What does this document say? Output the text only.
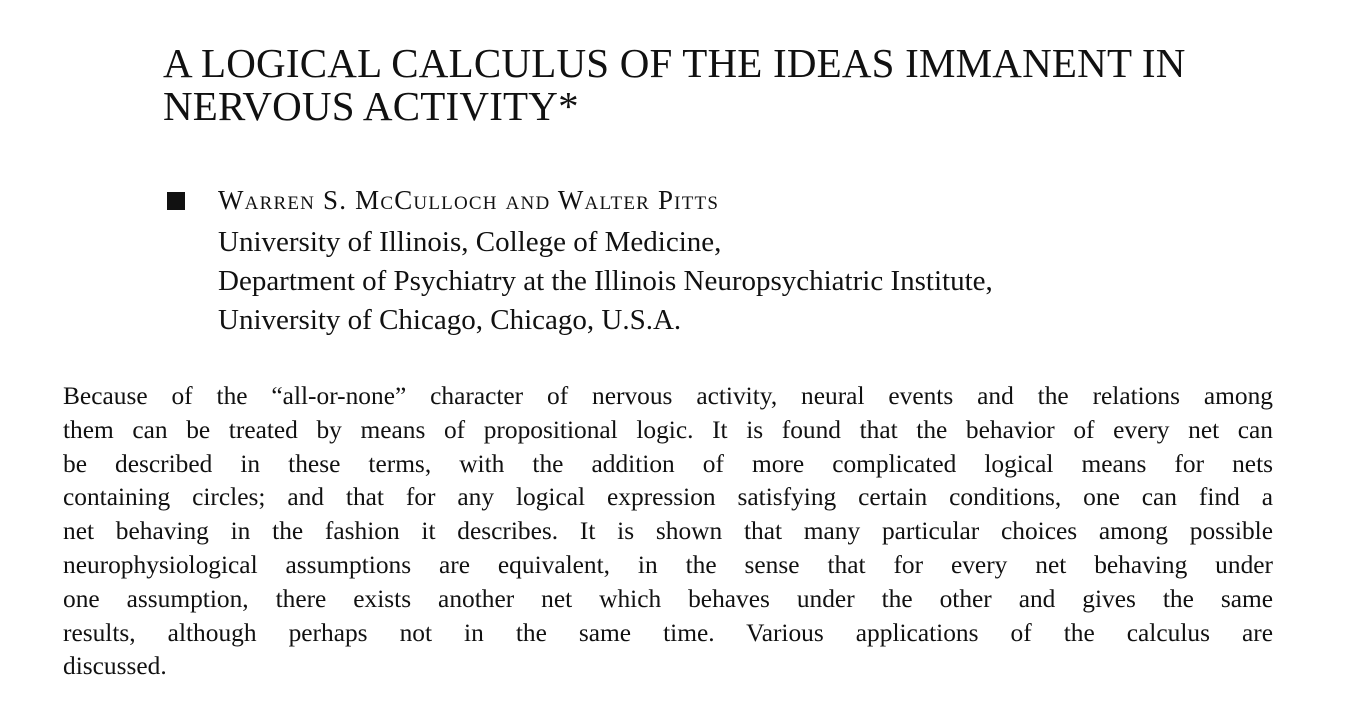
A LOGICAL CALCULUS OF THE IDEAS IMMANENT IN
NERVOUS ACTIVITY*

Warren S. McCulloch and Walter Pitts

University of Illinois, College of Medicine,
Department of Psychiatry at the Illinois Neuropsychiatric Institute,
University of Chicago, Chicago, U.S.A.
Because of the “all-or-none” character of nervous activity, neural events and the relations among
them can be treated by means of propositional logic. It is found that the behavior of every net can
be described in these terms, with the addition of more complicated logical means for nets
containing circles; and that for any logical expression satisfying certain conditions, one can find a
net behaving in the fashion it describes. It is shown that many particular choices among possible
neurophysiological assumptions are equivalent, in the sense that for every net behaving under
one assumption, there exists another net which behaves under the other and gives the same
results, although perhaps not in the same time. Various applications of the calculus are
discussed.
